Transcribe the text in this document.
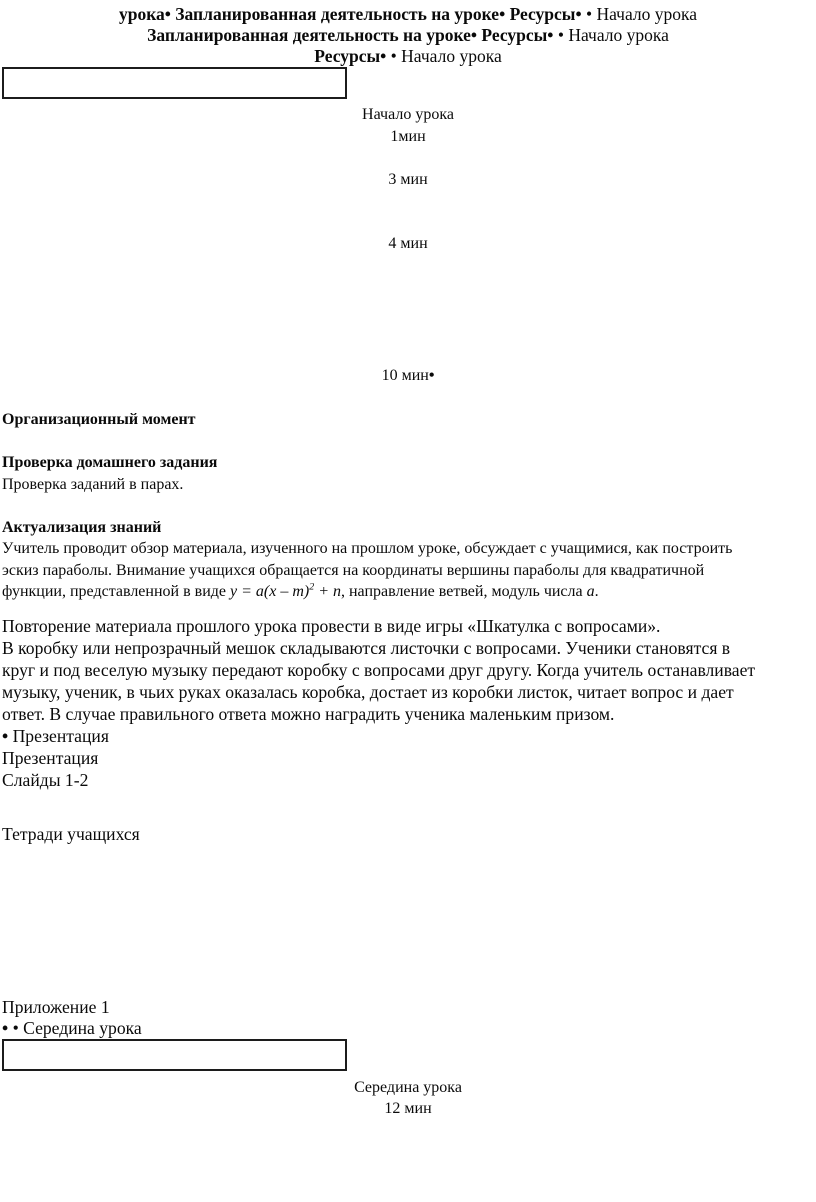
урока• Запланированная деятельность на уроке• Ресурсы• • Начало урока
Запланированная деятельность на уроке• Ресурсы• • Начало урока
Ресурсы• • Начало урока
Начало урока
1мин
3 мин
4 мин
10 мин•
Организационный момент
Проверка домашнего задания
Проверка заданий в парах.
Актуализация знаний
Учитель проводит обзор материала, изученного на прошлом уроке, обсуждает с учащимися, как построить
эскиз параболы. Внимание учащихся обращается на координаты вершины параболы для квадратичной
функции, представленной в виде y = a(x – m)$^2$ + n, направление ветвей, модуль числа a.
Повторение материала прошлого урока провести в виде игры «Шкатулка с вопросами».
В коробку или непрозрачный мешок складываются листочки с вопросами. Ученики становятся в
круг и под веселую музыку передают коробку с вопросами друг другу. Когда учитель останавливает
музыку, ученик, в чьих руках оказалась коробка, достает из коробки листок, читает вопрос и дает
ответ. В случае правильного ответа можно наградить ученика маленьким призом.
• Презентация
Презентация
Слайды 1-2
Тетради учащихся
Приложение 1
• • Середина урока
Середина урока
12 мин
